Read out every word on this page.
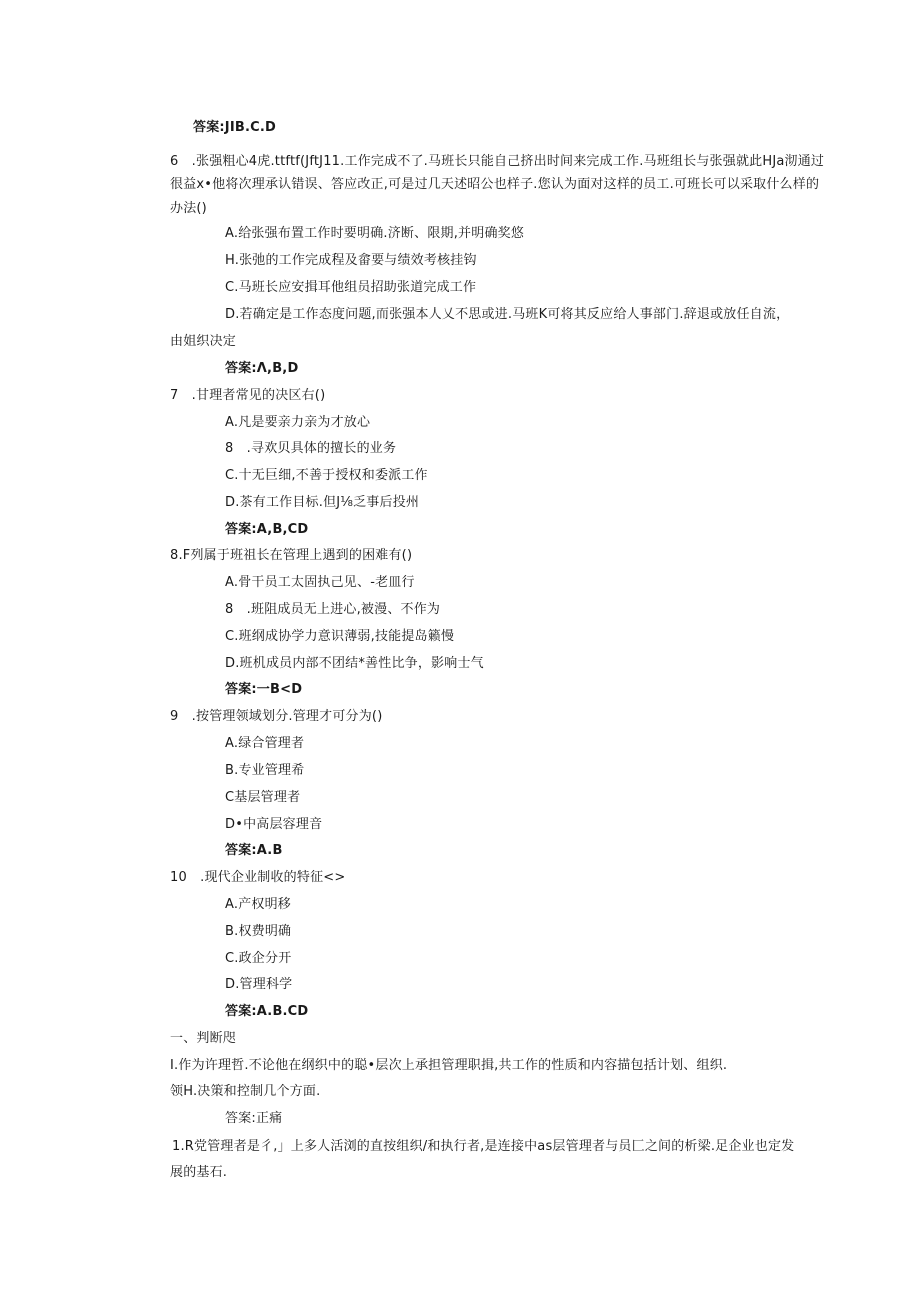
答案:JIB.C.D
6　.张强粗心4虎.ttftf(JftJ11.工作完成不了.马班长只能自己挤出时间来完成工作.马班组长与张强就此HJa沏通过
很益x•他将次理承认错误、答应改正,可是过几天述昭公也样子.您认为面对这样的员工.可班长可以采取什么样的
办法()
A.给张强布置工作时要明确.济断、限期,并明确奖悠
H.张弛的工作完成程及畲要与绩效考核挂钩
C.马班长应安揖耳他组员招助张道完成工作
D.若确定是工作态度问题,而张强本人乂不思或进.马班K可将其反应给人事部门.辞退或放任自流，
由姐织决定
答案:Λ,B,D
7　.甘理者常见的决区右()
A.凡是要亲力亲为才放心
8　.寻欢贝具体的擅长的业务
C.十无巨细,不善于授权和委派工作
D.茶有工作目标.但J⅛乏事后投州
答案:A,B,CD
8.F列属于班祖长在管理上遇到的困难有()
A.骨干员工太固执己见、-老皿行
8　.班阻成员无上进心,被漫、不作为
C.班纲成协学力意识薄弱,技能提岛籁慢
D.班机成员内部不团结*善性比争，影响士气
答案:一B<D
9　.按管理领域划分.管理才可分为()
A.绿合管理者
B.专业管理希
C基层管理者
D•中高层容理音
答案:A.B
10　.现代企业制收的特征<>
A.产权明移
B.权费明确
C.政企分开
D.管理科学
答案:A.B.CD
一、判断咫
I.作为许理哲.不论他在纲织中的聪•层次上承担管理职揖,共工作的性质和内容描包括计划、组织.
领H.决策和控制几个方面.
答案:正痛
1.R党管理者是彳,」上多人活浏的直按组织/和执行者,是连接中as层管理者与员匚之间的析梁.足企业也定发
展的基石.
